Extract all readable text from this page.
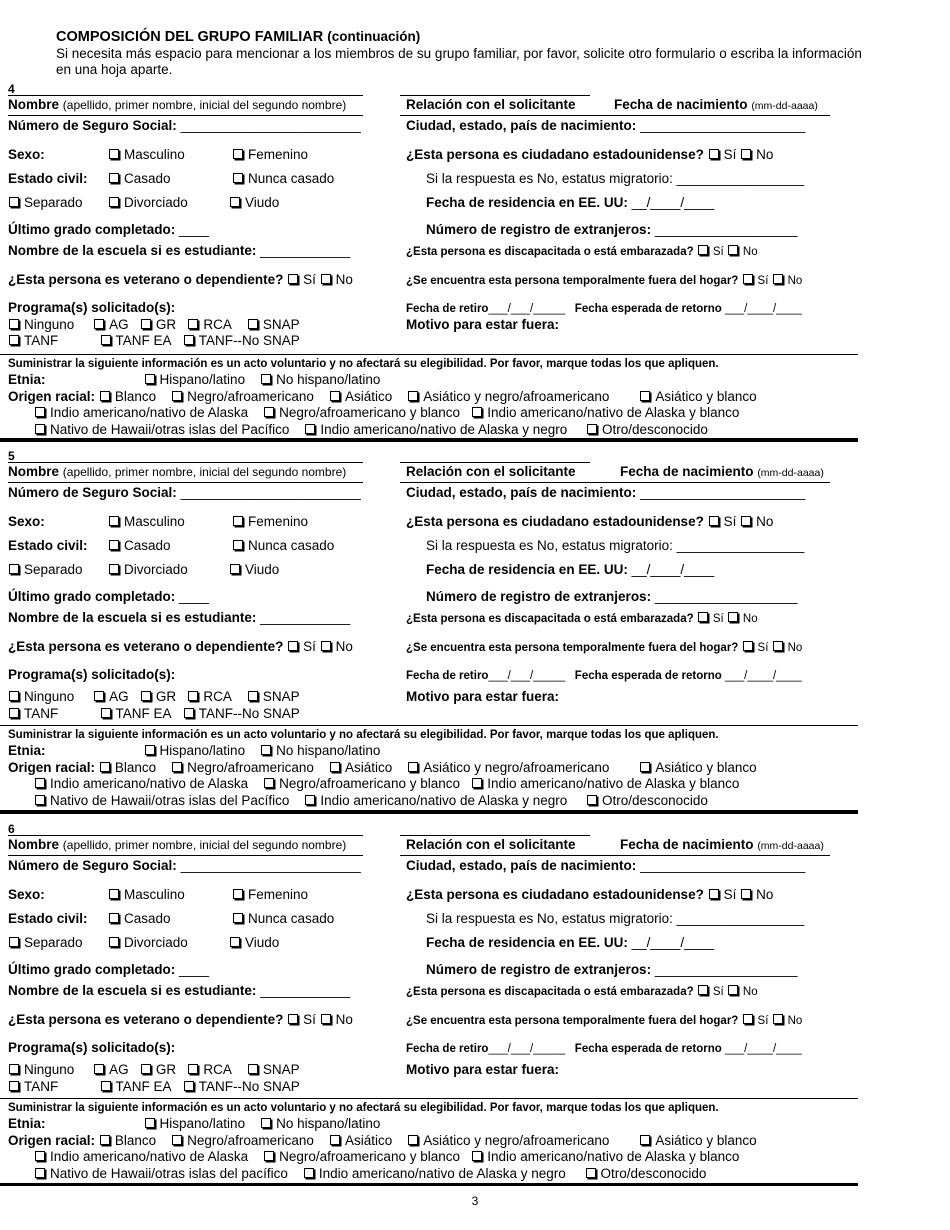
COMPOSICIÓN DEL GRUPO FAMILIAR (continuación)
Si necesita más espacio para mencionar a los miembros de su grupo familiar, por favor, solicite otro formulario o escriba la información
en una hoja aparte.
4
Nombre (apellido, primer nombre, inicial del segundo nombre)
Número de Seguro Social: ________________________
Sexo:	Masculino	Femenino
Estado civil:	Casado	Nunca casado
Separado	Divorciado	Viudo
Último grado completado: ____
Nombre de la escuela si es estudiante: ____________
¿Esta persona es veterano o dependiente? Sí No
Programa(s) solicitado(s):
Ninguno	AG GR RCA SNAP
TANF	TANF EA TANF--No SNAP
Relación con el solicitante	Fecha de nacimiento (mm-dd-aaaa)
Ciudad, estado, país de nacimiento: ______________________
¿Esta persona es ciudadano estadounidense? Sí No
Si la respuesta es No, estatus migratorio: _________________
Fecha de residencia en EE. UU: __/____/____
Número de registro de extranjeros: ___________________
¿Esta persona es discapacitada o está embarazada? Sí No
¿Se encuentra esta persona temporalmente fuera del hogar? Sí No
Fecha de retiro___/___/_____ Fecha esperada de retorno ___/____/____
Motivo para estar fuera:
Suministrar la siguiente información es un acto voluntario y no afectará su elegibilidad. Por favor, marque todas los que apliquen.
Etnia:	Hispano/latino No hispano/latino
Origen racial: Blanco Negro/afroamericano Asiático Asiático y negro/afroamericano	Asiático y blanco
Indio americano/nativo de Alaska Negro/afroamericano y blanco Indio americano/nativo de Alaska y blanco
Nativo de Hawaii/otras islas del Pacífico Indio americano/nativo de Alaska y negro	Otro/desconocido
5
Nombre (apellido, primer nombre, inicial del segundo nombre)
Número de Seguro Social: ________________________
Sexo:	Masculino	Femenino
Estado civil:	Casado	Nunca casado
Separado	Divorciado	Viudo
Último grado completado: ____
Nombre de la escuela si es estudiante: ____________
¿Esta persona es veterano o dependiente? Sí No
Programa(s) solicitado(s):
Ninguno	AG GR RCA SNAP
TANF	TANF EA TANF--No SNAP
Relación con el solicitante	Fecha de nacimiento (mm-dd-aaaa)
Ciudad, estado, país de nacimiento: ______________________
¿Esta persona es ciudadano estadounidense? Sí No
Si la respuesta es No, estatus migratorio: _________________
Fecha de residencia en EE. UU: __/____/____
Número de registro de extranjeros: ___________________
¿Esta persona es discapacitada o está embarazada? Sí No
¿Se encuentra esta persona temporalmente fuera del hogar? Sí No
Fecha de retiro___/___/_____ Fecha esperada de retorno ___/____/____
Motivo para estar fuera:
Suministrar la siguiente información es un acto voluntario y no afectará su elegibilidad. Por favor, marque todas los que apliquen.
Etnia:	Hispano/latino No hispano/latino
Origen racial: Blanco Negro/afroamericano Asiático Asiático y negro/afroamericano	Asiático y blanco
Indio americano/nativo de Alaska Negro/afroamericano y blanco Indio americano/nativo de Alaska y blanco
Nativo de Hawaii/otras islas del Pacífico Indio americano/nativo de Alaska y negro	Otro/desconocido
6
Nombre (apellido, primer nombre, inicial del segundo nombre)
Número de Seguro Social: ________________________
Sexo:	Masculino	Femenino
Estado civil:	Casado	Nunca casado
Separado	Divorciado	Viudo
Último grado completado: ____
Nombre de la escuela si es estudiante: ____________
¿Esta persona es veterano o dependiente? Sí No
Programa(s) solicitado(s):
Ninguno	AG GR RCA SNAP
TANF	TANF EA TANF--No SNAP
Relación con el solicitante	Fecha de nacimiento (mm-dd-aaaa)
Ciudad, estado, país de nacimiento: ______________________
¿Esta persona es ciudadano estadounidense? Sí No
Si la respuesta es No, estatus migratorio: _________________
Fecha de residencia en EE. UU: __/____/____
Número de registro de extranjeros: ___________________
¿Esta persona es discapacitada o está embarazada? Sí No
¿Se encuentra esta persona temporalmente fuera del hogar? Sí No
Fecha de retiro___/___/_____ Fecha esperada de retorno ___/____/____
Motivo para estar fuera:
Suministrar la siguiente información es un acto voluntario y no afectará su elegibilidad. Por favor, marque todas los que apliquen.
Etnia:	Hispano/latino No hispano/latino
Origen racial: Blanco Negro/afroamericano Asiático Asiático y negro/afroamericano	Asiático y blanco
Indio americano/nativo de Alaska Negro/afroamericano y blanco Indio americano/nativo de Alaska y blanco
Nativo de Hawaii/otras islas del pacífico Indio americano/nativo de Alaska y negro	Otro/desconocido
3
